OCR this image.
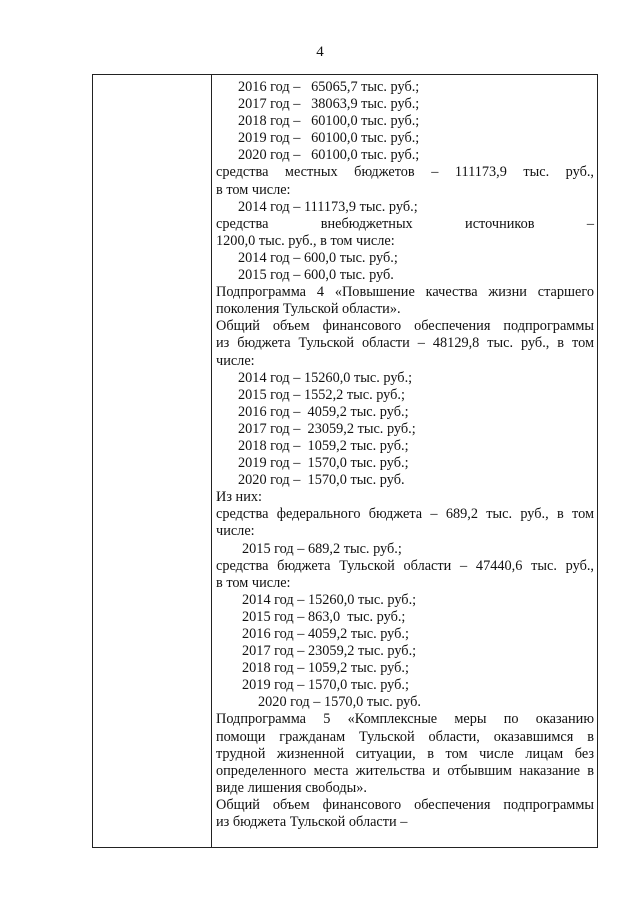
4
2016 год –   65065,7 тыс. руб.;
2017 год –   38063,9 тыс. руб.;
2018 год –   60100,0 тыс. руб.;
2019 год –   60100,0 тыс. руб.;
2020 год –   60100,0 тыс. руб.;
средства местных бюджетов – 111173,9 тыс. руб.,
в том числе:
2014 год – 111173,9 тыс. руб.;
средства внебюджетных источников –
1200,0 тыс. руб., в том числе:
2014 год – 600,0 тыс. руб.;
2015 год – 600,0 тыс. руб.
Подпрограмма 4 «Повышение качества жизни старшего
поколения Тульской области».
Общий объем финансового обеспечения подпрограммы
из бюджета Тульской области – 48129,8 тыс. руб., в том
числе:
2014 год – 15260,0 тыс. руб.;
2015 год – 1552,2 тыс. руб.;
2016 год –  4059,2 тыс. руб.;
2017 год –  23059,2 тыс. руб.;
2018 год –  1059,2 тыс. руб.;
2019 год –  1570,0 тыс. руб.;
2020 год –  1570,0 тыс. руб.
Из них:
средства федерального бюджета – 689,2 тыс. руб., в том
числе:
2015 год – 689,2 тыс. руб.;
средства бюджета Тульской области – 47440,6 тыс. руб.,
в том числе:
2014 год – 15260,0 тыс. руб.;
2015 год – 863,0  тыс. руб.;
2016 год – 4059,2 тыс. руб.;
2017 год – 23059,2 тыс. руб.;
2018 год – 1059,2 тыс. руб.;
2019 год – 1570,0 тыс. руб.;
2020 год – 1570,0 тыс. руб.
Подпрограмма 5 «Комплексные меры по оказанию
помощи гражданам Тульской области, оказавшимся в
трудной жизненной ситуации, в том числе лицам без
определенного места жительства и отбывшим наказание в
виде лишения свободы».
Общий объем финансового обеспечения подпрограммы
из бюджета Тульской области –
